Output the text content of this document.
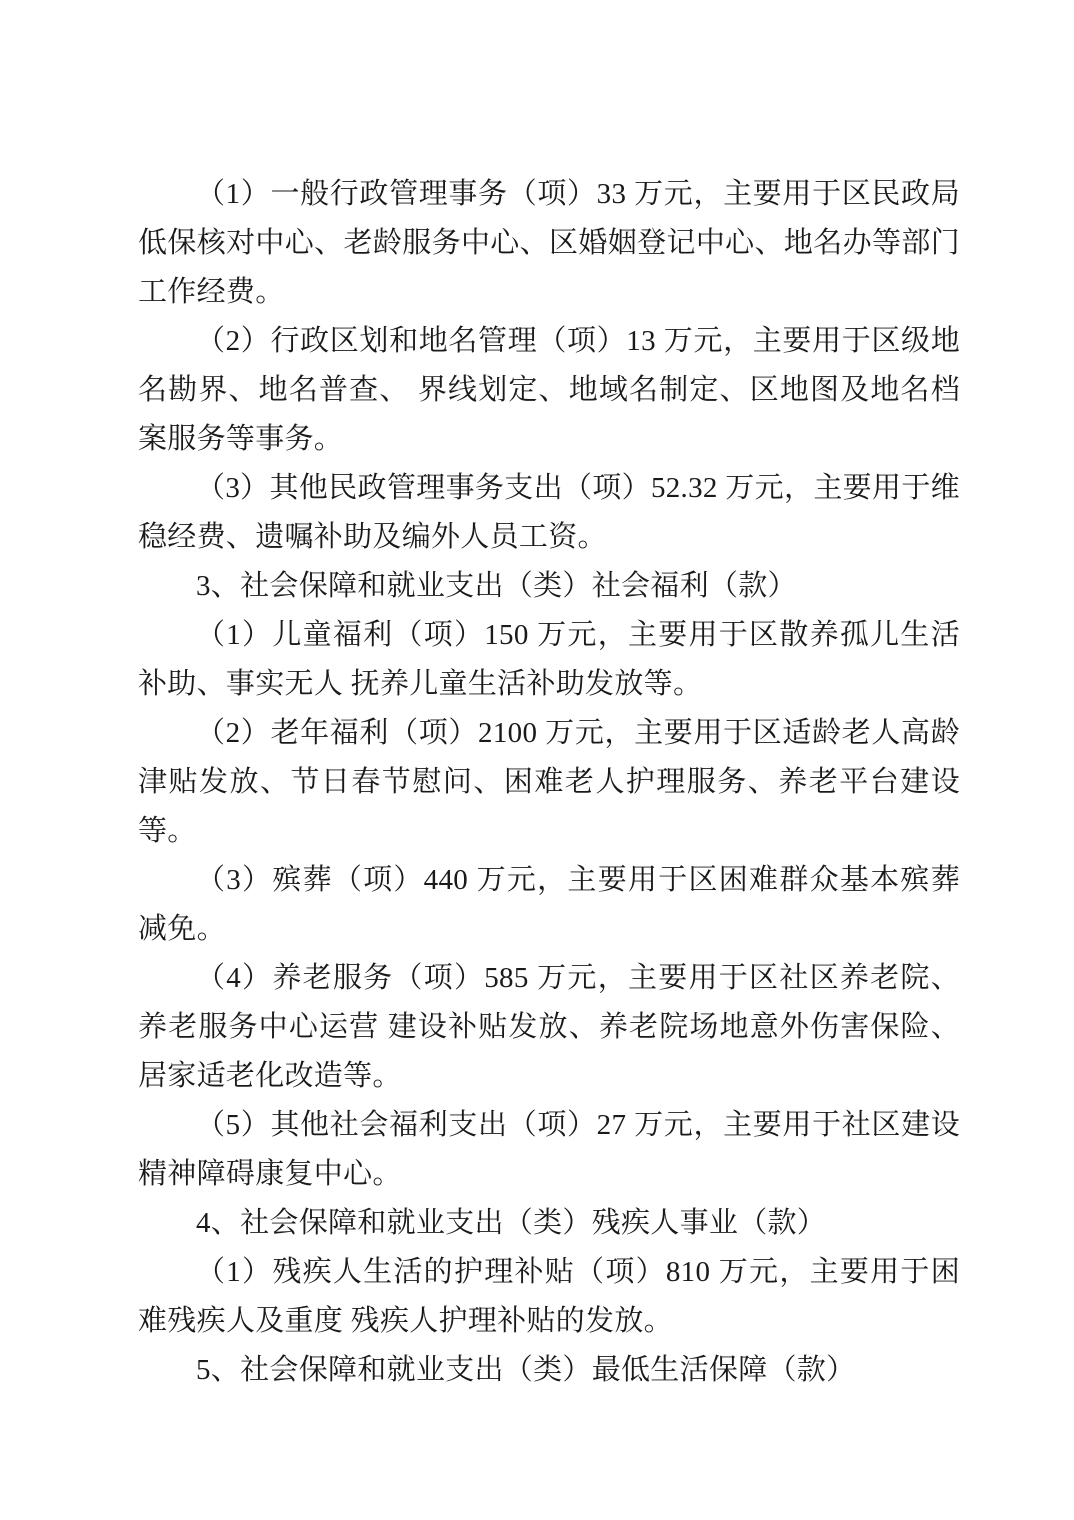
（1）一般行政管理事务（项）33 万元，主要用于区民政局低保核对中心、老龄服务中心、区婚姻登记中心、地名办等部门工作经费。

（2）行政区划和地名管理（项）13 万元，主要用于区级地名勘界、地名普查、 界线划定、地域名制定、区地图及地名档案服务等事务。

（3）其他民政管理事务支出（项）52.32 万元，主要用于维稳经费、遗嘱补助及编外人员工资。

3、社会保障和就业支出（类）社会福利（款）

（1）儿童福利（项）150 万元，主要用于区散养孤儿生活补助、事实无人 抚养儿童生活补助发放等。

（2）老年福利（项）2100 万元，主要用于区适龄老人高龄津贴发放、节日春节慰问、困难老人护理服务、养老平台建设等。

（3）殡葬（项）440 万元，主要用于区困难群众基本殡葬减免。

（4）养老服务（项）585 万元，主要用于区社区养老院、养老服务中心运营 建设补贴发放、养老院场地意外伤害保险、居家适老化改造等。

（5）其他社会福利支出（项）27 万元，主要用于社区建设精神障碍康复中心。

4、社会保障和就业支出（类）残疾人事业（款）

（1）残疾人生活的护理补贴（项）810 万元，主要用于困难残疾人及重度 残疾人护理补贴的发放。

5、社会保障和就业支出（类）最低生活保障（款）
